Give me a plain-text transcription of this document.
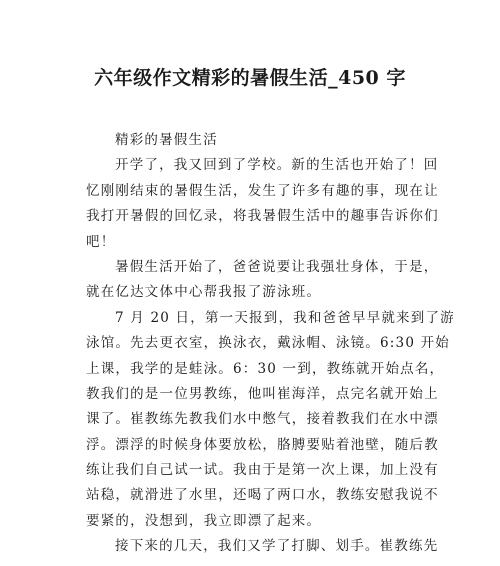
六年级作文精彩的暑假生活_450 字
精彩的暑假生活
开学了，我又回到了学校。新的生活也开始了！回
忆刚刚结束的暑假生活，发生了许多有趣的事，现在让
我打开暑假的回忆录，将我暑假生活中的趣事告诉你们
吧！
暑假生活开始了，爸爸说要让我强壮身体，于是，
就在亿达文体中心帮我报了游泳班。
7 月 20 日，第一天报到，我和爸爸早早就来到了游
泳馆。先去更衣室，换泳衣，戴泳帽、泳镜。6:30 开始
上课，我学的是蛙泳。6：30 一到，教练就开始点名，
教我们的是一位男教练，他叫崔海洋，点完名就开始上
课了。崔教练先教我们水中憋气，接着教我们在水中漂
浮。漂浮的时候身体要放松，胳膊要贴着池壁，随后教
练让我们自己试一试。我由于是第一次上课，加上没有
站稳，就滑进了水里，还喝了两口水，教练安慰我说不
要紧的，没想到，我立即漂了起来。
接下来的几天，我们又学了打脚、划手。崔教练先
